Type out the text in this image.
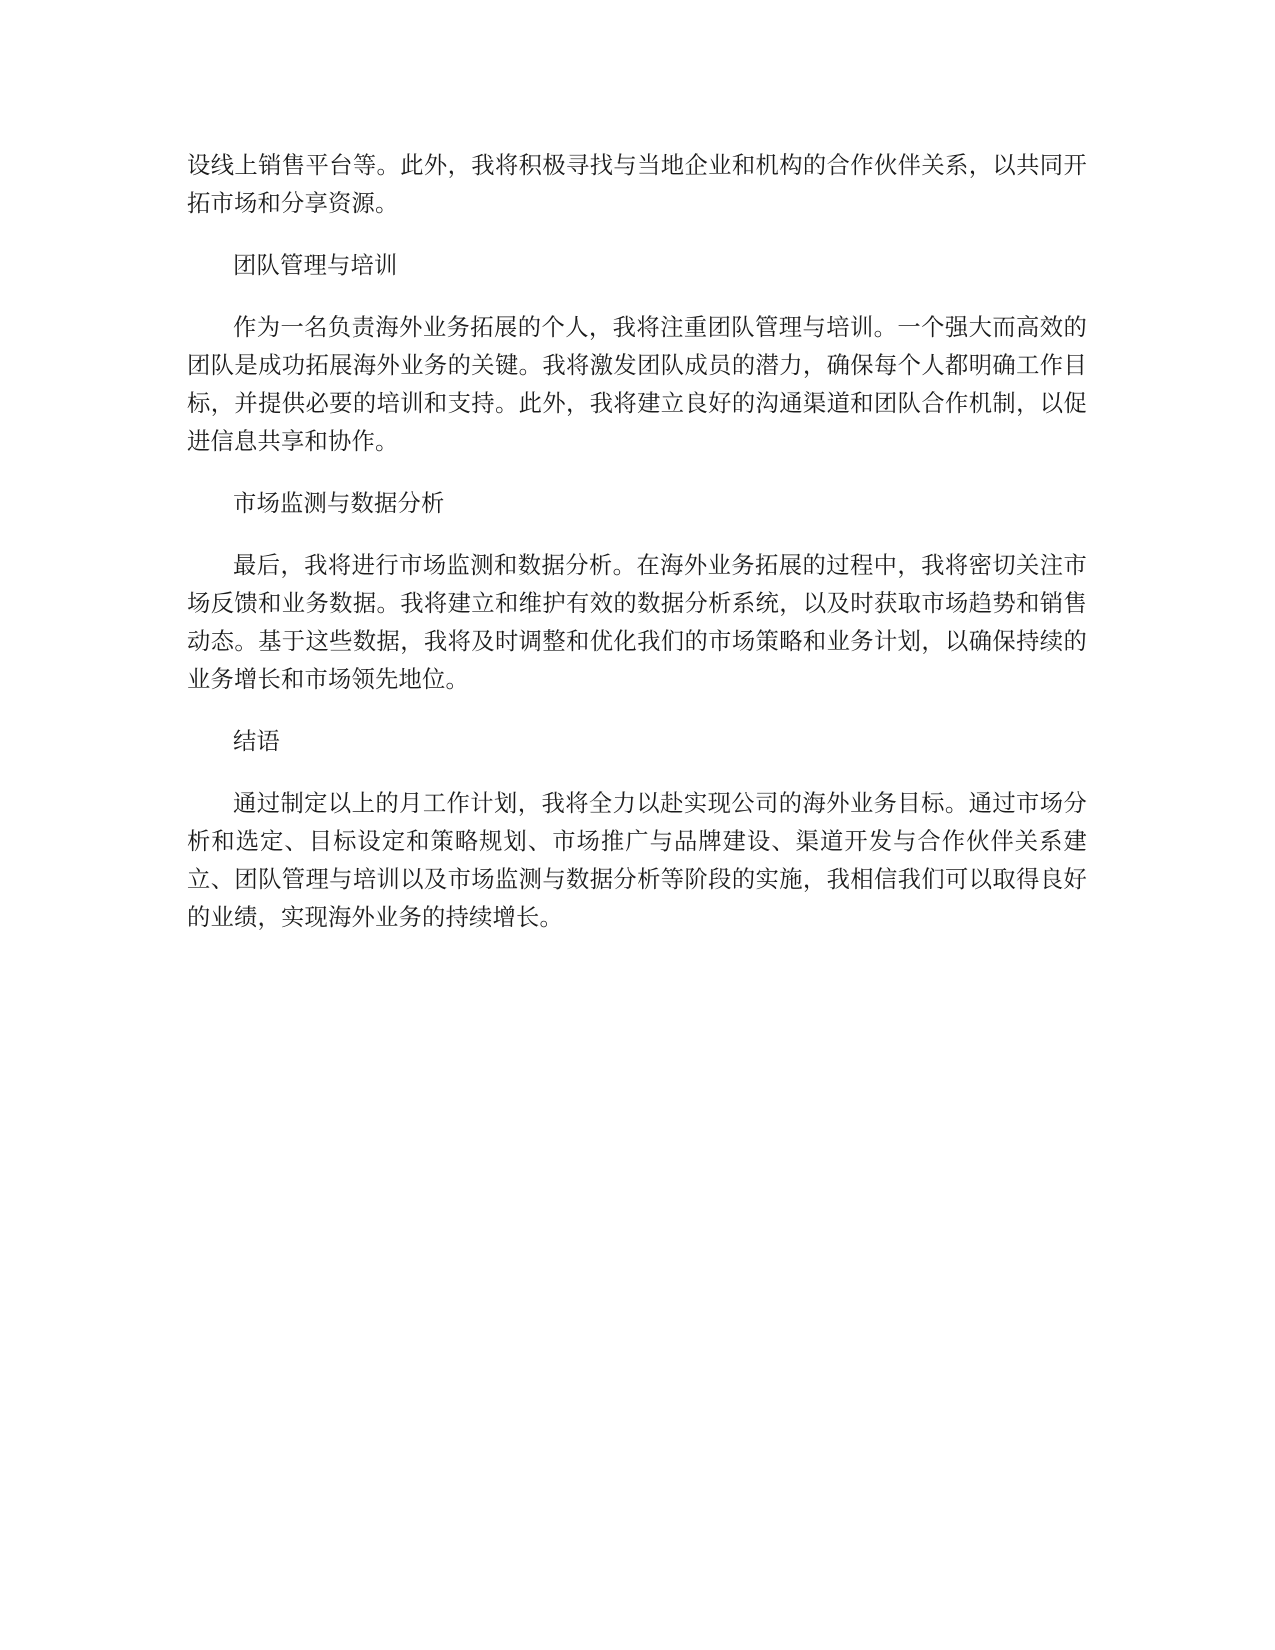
设线上销售平台等。此外，我将积极寻找与当地企业和机构的合作伙伴关系，以共同开拓市场和分享资源。

团队管理与培训

作为一名负责海外业务拓展的个人，我将注重团队管理与培训。一个强大而高效的团队是成功拓展海外业务的关键。我将激发团队成员的潜力，确保每个人都明确工作目标，并提供必要的培训和支持。此外，我将建立良好的沟通渠道和团队合作机制，以促进信息共享和协作。

市场监测与数据分析

最后，我将进行市场监测和数据分析。在海外业务拓展的过程中，我将密切关注市场反馈和业务数据。我将建立和维护有效的数据分析系统，以及时获取市场趋势和销售动态。基于这些数据，我将及时调整和优化我们的市场策略和业务计划，以确保持续的业务增长和市场领先地位。

结语

通过制定以上的月工作计划，我将全力以赴实现公司的海外业务目标。通过市场分析和选定、目标设定和策略规划、市场推广与品牌建设、渠道开发与合作伙伴关系建立、团队管理与培训以及市场监测与数据分析等阶段的实施，我相信我们可以取得良好的业绩，实现海外业务的持续增长。
